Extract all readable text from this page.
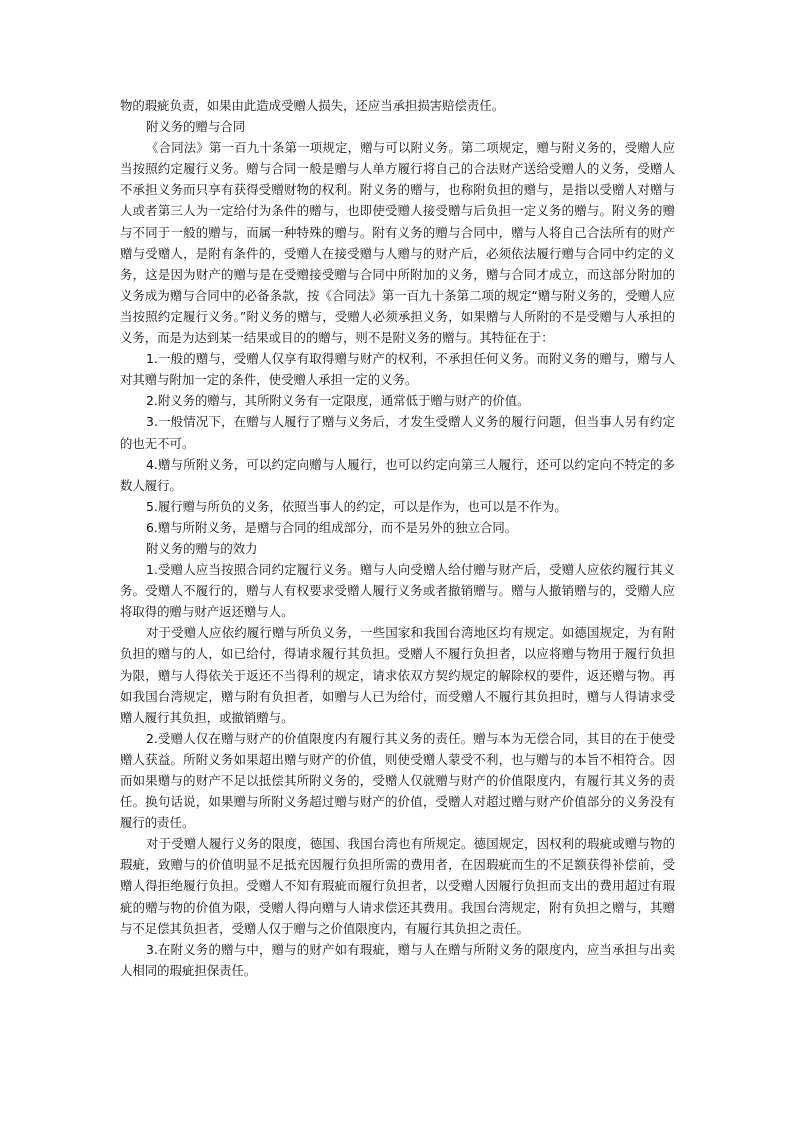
物的瑕疵负责，如果由此造成受赠人损失，还应当承担损害赔偿责任。

附义务的赠与合同

《合同法》第一百九十条第一项规定，赠与可以附义务。第二项规定，赠与附义务的，受赠人应当按照约定履行义务。赠与合同一般是赠与人单方履行将自己的合法财产送给受赠人的义务，受赠人不承担义务而只享有获得受赠财物的权利。附义务的赠与，也称附负担的赠与，是指以受赠人对赠与人或者第三人为一定给付为条件的赠与，也即使受赠人接受赠与后负担一定义务的赠与。附义务的赠与不同于一般的赠与，而属一种特殊的赠与。附有义务的赠与合同中，赠与人将自己合法所有的财产赠与受赠人，是附有条件的，受赠人在接受赠与人赠与的财产后，必须依法履行赠与合同中约定的义务，这是因为财产的赠与是在受赠接受赠与合同中所附加的义务，赠与合同才成立，而这部分附加的义务成为赠与合同中的必备条款，按《合同法》第一百九十条第二项的规定“赠与附义务的，受赠人应当按照约定履行义务。”附义务的赠与，受赠人必须承担义务，如果赠与人所附的不是受赠与人承担的义务，而是为达到某一结果或目的的赠与，则不是附义务的赠与。其特征在于：

1.一般的赠与，受赠人仅享有取得赠与财产的权利，不承担任何义务。而附义务的赠与，赠与人对其赠与附加一定的条件，使受赠人承担一定的义务。

2.附义务的赠与，其所附义务有一定限度，通常低于赠与财产的价值。

3.一般情况下，在赠与人履行了赠与义务后，才发生受赠人义务的履行问题，但当事人另有约定的也无不可。

4.赠与所附义务，可以约定向赠与人履行，也可以约定向第三人履行，还可以约定向不特定的多数人履行。

5.履行赠与所负的义务，依照当事人的约定，可以是作为，也可以是不作为。

6.赠与所附义务，是赠与合同的组成部分，而不是另外的独立合同。

附义务的赠与的效力

1.受赠人应当按照合同约定履行义务。赠与人向受赠人给付赠与财产后，受赠人应依约履行其义务。受赠人不履行的，赠与人有权要求受赠人履行义务或者撤销赠与。赠与人撤销赠与的，受赠人应将取得的赠与财产返还赠与人。

对于受赠人应依约履行赠与所负义务，一些国家和我国台湾地区均有规定。如德国规定，为有附负担的赠与的人，如已给付，得请求履行其负担。受赠人不履行负担者，以应将赠与物用于履行负担为限，赠与人得依关于返还不当得利的规定，请求依双方契约规定的解除权的要件，返还赠与物。再如我国台湾规定，赠与附有负担者，如赠与人已为给付，而受赠人不履行其负担时，赠与人得请求受赠人履行其负担，或撤销赠与。

2.受赠人仅在赠与财产的价值限度内有履行其义务的责任。赠与本为无偿合同，其目的在于使受赠人获益。所附义务如果超出赠与财产的价值，则使受赠人蒙受不利，也与赠与的本旨不相符合。因而如果赠与的财产不足以抵偿其所附义务的，受赠人仅就赠与财产的价值限度内，有履行其义务的责任。换句话说，如果赠与所附义务超过赠与财产的价值，受赠人对超过赠与财产价值部分的义务没有履行的责任。

对于受赠人履行义务的限度，德国、我国台湾也有所规定。德国规定，因权利的瑕疵或赠与物的瑕疵，致赠与的价值明显不足抵充因履行负担所需的费用者，在因瑕疵而生的不足额获得补偿前，受赠人得拒绝履行负担。受赠人不知有瑕疵而履行负担者，以受赠人因履行负担而支出的费用超过有瑕疵的赠与物的价值为限，受赠人得向赠与人请求偿还其费用。我国台湾规定，附有负担之赠与，其赠与不足偿其负担者，受赠人仅于赠与之价值限度内，有履行其负担之责任。

3.在附义务的赠与中，赠与的财产如有瑕疵，赠与人在赠与所附义务的限度内，应当承担与出卖人相同的瑕疵担保责任。
